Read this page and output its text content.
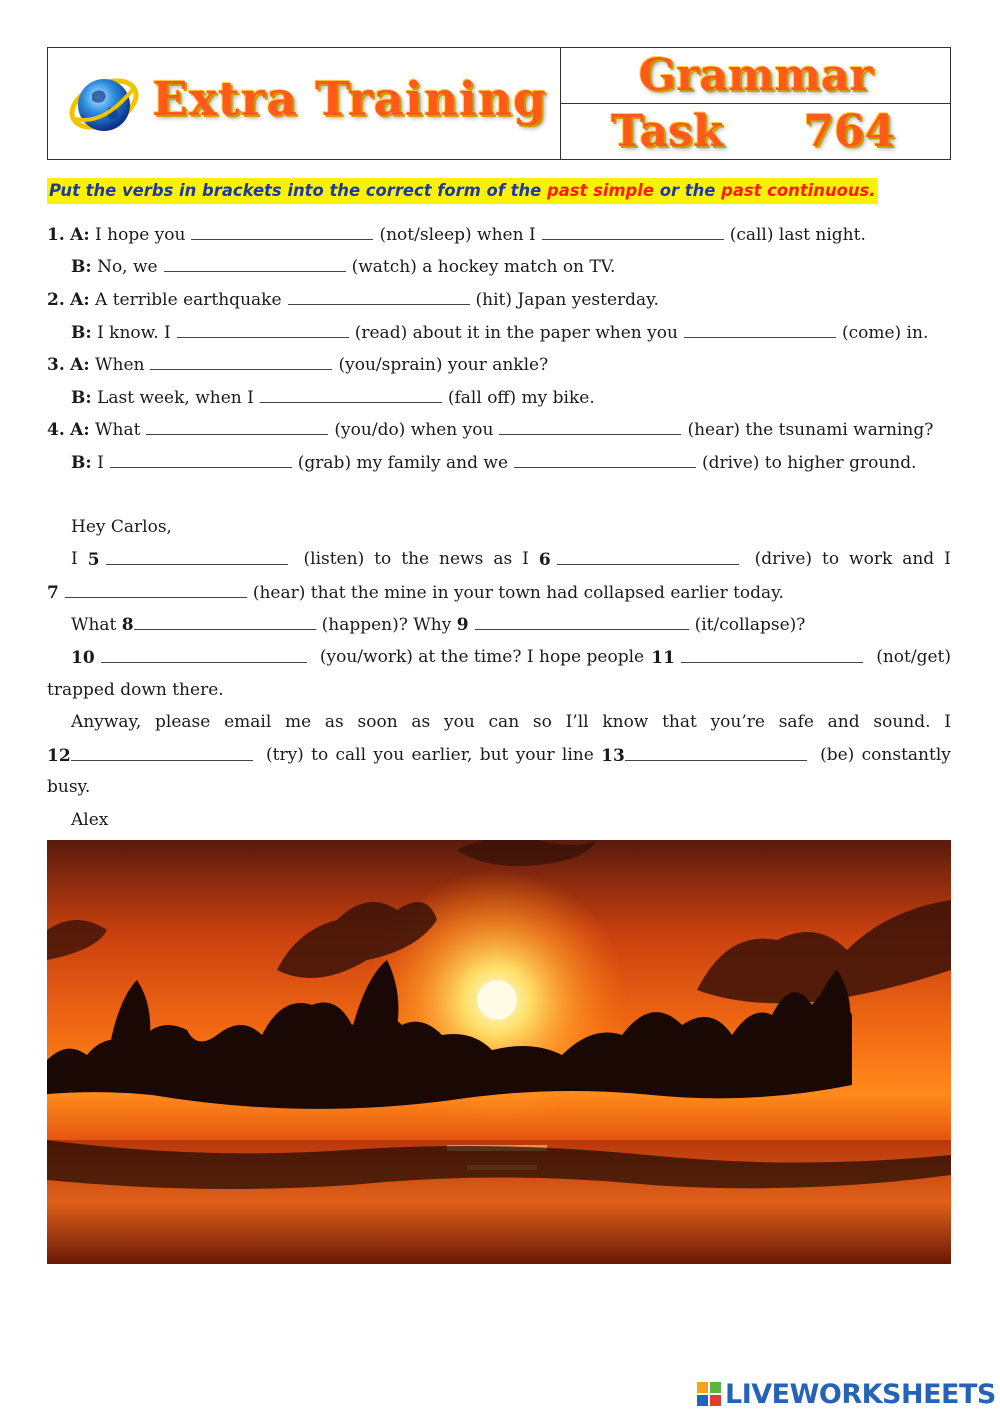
Extra Training Grammar
Task 764
Put the verbs in brackets into the correct form of the past simple or the past continuous.
1. A: I hope you	(not/sleep) when I	(call) last night.
B: No, we	(watch) a hockey match on TV.
2. A: A terrible earthquake	(hit) Japan yesterday.
B: I know. I	(read) about it in the paper when you	(come) in.
3. A: When	(you/sprain) your ankle?
B: Last week, when I	(fall off) my bike.
4. A: What	(you/do) when you	(hear) the tsunami warning?
B: I	(grab) my family and we	(drive) to higher ground.
Hey Carlos,
I 5	(listen) to the news as I 6	(drive) to work and I
7	(hear) that the mine in your town had collapsed earlier today.
What 8	(happen)? Why 9	(it/collapse)?
10	(you/work) at the time? I hope people 11	(not/get)
trapped down there.
Anyway, please email me as soon as you can so I’ll know that you’re safe and sound. I
12	(try) to call you earlier, but your line 13	(be) constantly
busy.
Alex
LIVEWORKSHEETS
